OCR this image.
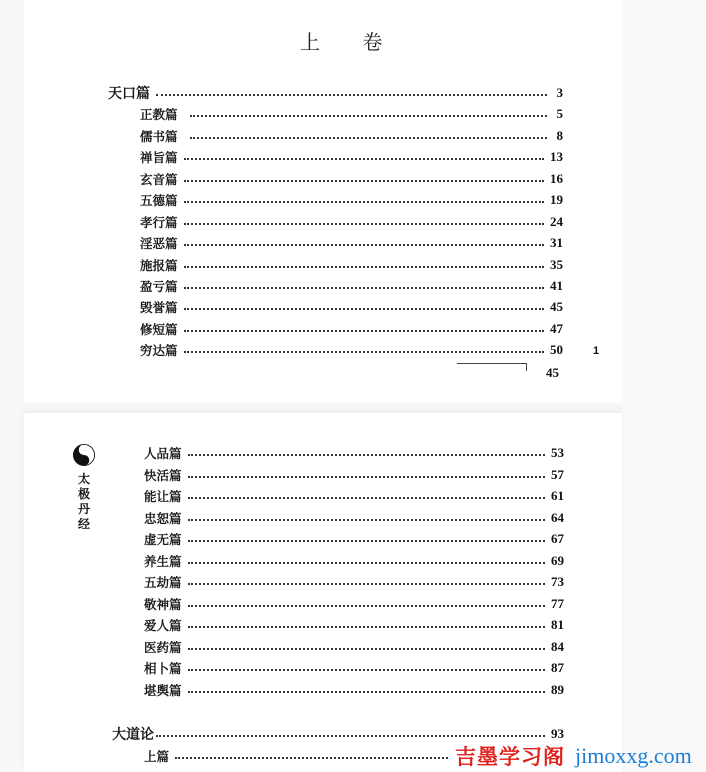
上 卷
天口篇	3
正教篇	5
儒书篇	8
禅旨篇	13
玄音篇	16
五德篇	19
孝行篇	24
淫恶篇	31
施报篇	35
盈亏篇	41
毁誉篇	45
修短篇	47
穷达篇	50
45
1
太极丹经
人品篇	53
快活篇	57
能让篇	61
忠恕篇	64
虚无篇	67
养生篇	69
五劫篇	73
敬神篇	77
爱人篇	81
医药篇	84
相卜篇	87
堪舆篇	89
大道论	93
上篇	吉墨学习阁 jimoxxg.com
